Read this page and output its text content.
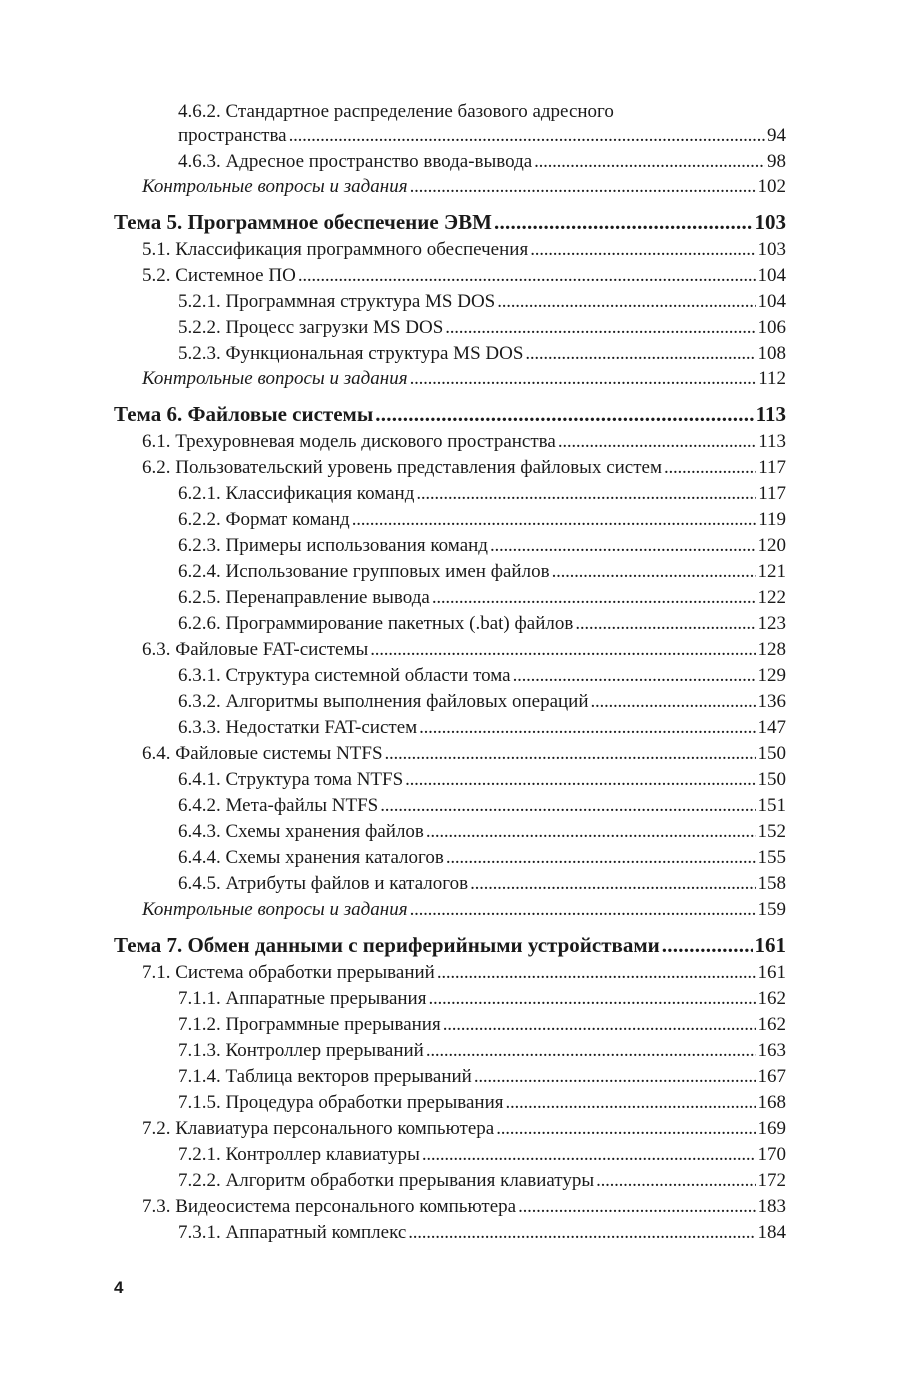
4.6.2. Стандартное распределение базового адресного
пространства . . .	94
4.6.3. Адресное пространство ввода-вывода . . .	98
Контрольные вопросы и задания . . .	102
Тема 5. Программное обеспечение ЭВМ . . .	103
5.1. Классификация программного обеспечения . . .	103
5.2. Системное ПО . . .	104
5.2.1. Программная структура MS DOS . . .	104
5.2.2. Процесс загрузки MS DOS . . .	106
5.2.3. Функциональная структура MS DOS . . .	108
Контрольные вопросы и задания . . .	112
Тема 6. Файловые системы . . .	113
6.1. Трехуровневая модель дискового пространства . . .	113
6.2. Пользовательский уровень представления файловых систем . . .	117
6.2.1. Классификация команд . . .	117
6.2.2. Формат команд . . .	119
6.2.3. Примеры использования команд . . .	120
6.2.4. Использование групповых имен файлов . . .	121
6.2.5. Перенаправление вывода . . .	122
6.2.6. Программирование пакетных (.bat) файлов . . .	123
6.3. Файловые FAT-системы . . .	128
6.3.1. Структура системной области тома . . .	129
6.3.2. Алгоритмы выполнения файловых операций . . .	136
6.3.3. Недостатки FAT-систем . . .	147
6.4. Файловые системы NTFS . . .	150
6.4.1. Структура тома NTFS . . .	150
6.4.2. Мета-файлы NTFS . . .	151
6.4.3. Схемы хранения файлов . . .	152
6.4.4. Схемы хранения каталогов . . .	155
6.4.5. Атрибуты файлов и каталогов . . .	158
Контрольные вопросы и задания . . .	159
Тема 7. Обмен данными с периферийными устройствами . . .	161
7.1. Система обработки прерываний . . .	161
7.1.1. Аппаратные прерывания . . .	162
7.1.2. Программные прерывания . . .	162
7.1.3. Контроллер прерываний . . .	163
7.1.4. Таблица векторов прерываний . . .	167
7.1.5. Процедура обработки прерывания . . .	168
7.2. Клавиатура персонального компьютера . . .	169
7.2.1. Контроллер клавиатуры . . .	170
7.2.2. Алгоритм обработки прерывания клавиатуры . . .	172
7.3. Видеосистема персонального компьютера . . .	183
7.3.1. Аппаратный комплекс . . .	184
4
